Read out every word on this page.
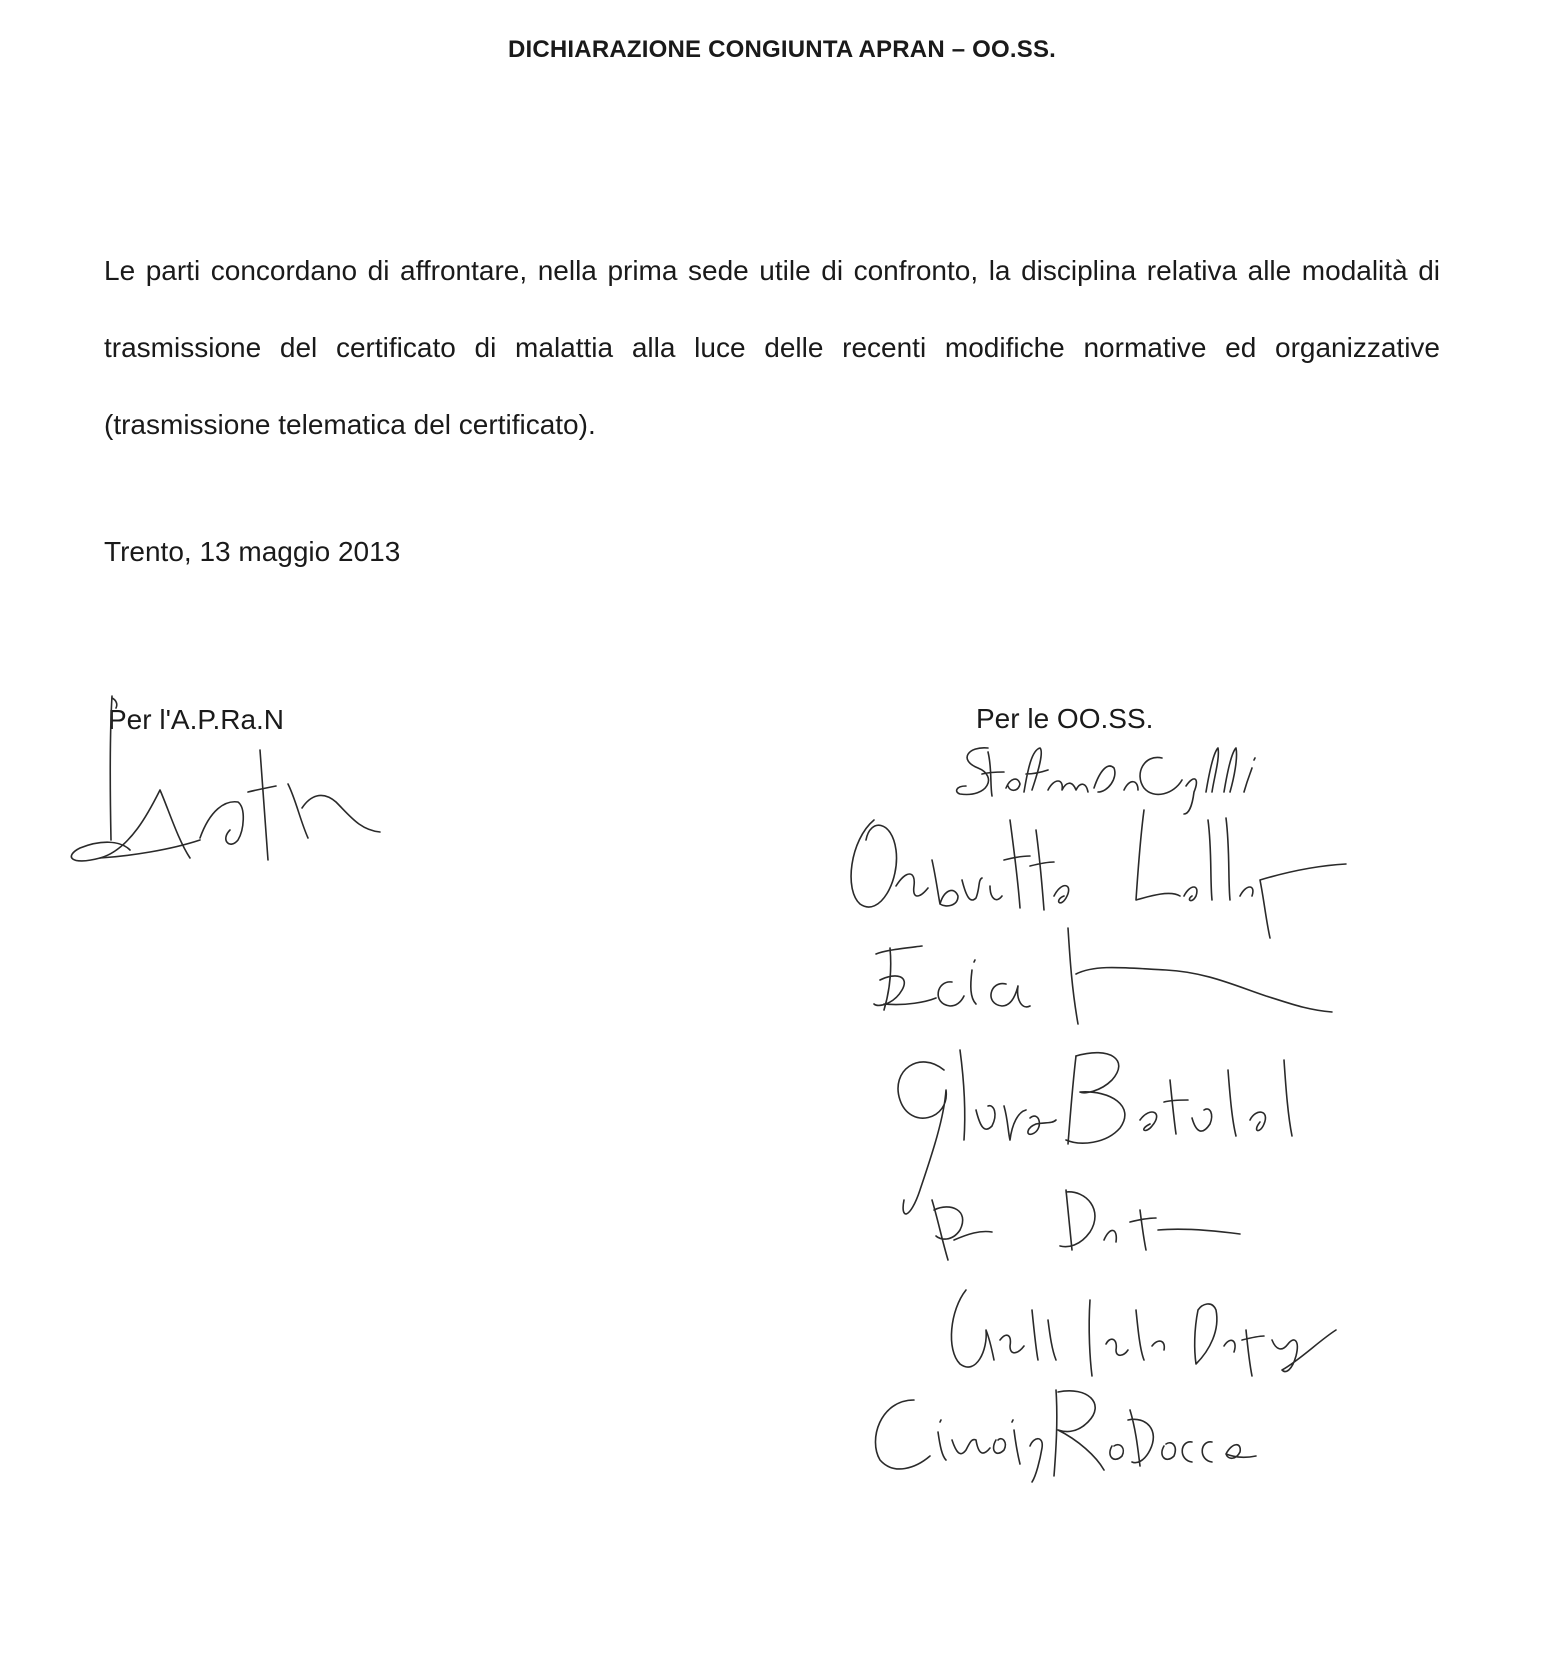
DICHIARAZIONE CONGIUNTA APRAN – OO.SS.
Le parti concordano di affrontare, nella prima sede utile di confronto, la disciplina relativa alle modalità di trasmissione del certificato di malattia alla luce delle recenti modifiche normative ed organizzative (trasmissione telematica del certificato).
Trento, 13 maggio 2013
Per l'A.P.Ra.N	Per le OO.SS.
